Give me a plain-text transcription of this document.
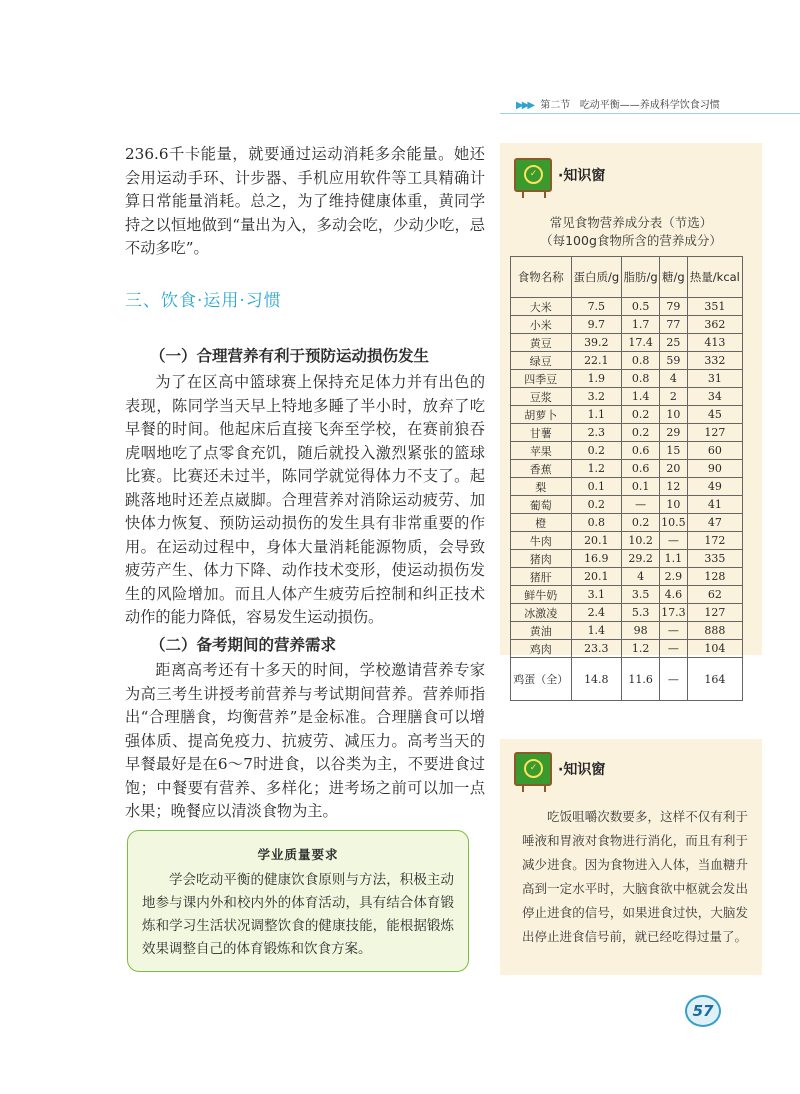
▶▶▶ 第二节 吃动平衡——养成科学饮食习惯

236.6千卡能量，就要通过运动消耗多余能量。她还会用运动手环、计步器、手机应用软件等工具精确计算日常能量消耗。总之，为了维持健康体重，黄同学持之以恒地做到“量出为入，多动会吃，少动少吃，忌不动多吃”。

三、饮食·运用·习惯
（一）合理营养有利于预防运动损伤发生

为了在区高中篮球赛上保持充足体力并有出色的表现，陈同学当天早上特地多睡了半小时，放弃了吃早餐的时间。他起床后直接飞奔至学校，在赛前狼吞虎咽地吃了点零食充饥，随后就投入激烈紧张的篮球比赛。比赛还未过半，陈同学就觉得体力不支了。起跳落地时还差点崴脚。合理营养对消除运动疲劳、加快体力恢复、预防运动损伤的发生具有非常重要的作用。在运动过程中，身体大量消耗能源物质，会导致疲劳产生、体力下降、动作技术变形，使运动损伤发生的风险增加。而且人体产生疲劳后控制和纠正技术动作的能力降低，容易发生运动损伤。

（二）备考期间的营养需求

距离高考还有十多天的时间，学校邀请营养专家为高三考生讲授考前营养与考试期间营养。营养师指出“合理膳食，均衡营养”是金标准。合理膳食可以增强体质、提高免疫力、抗疲劳、减压力。高考当天的早餐最好是在6～7时进食，以谷类为主，不要进食过饱；中餐要有营养、多样化；进考场之前可以加一点水果；晚餐应以清淡食物为主。

学业质量要求
学会吃动平衡的健康饮食原则与方法，积极主动地参与课内外和校内外的体育活动，具有结合体育锻炼和学习生活状况调整饮食的健康技能，能根据锻炼效果调整自己的体育锻炼和饮食方案。
✓	·知识窗
常见食物营养成分表（节选）
（每100g食物所含的营养成分）
食物名称	蛋白质/g	脂肪/g	糖/g	热量/kcal
大米	7.5	0.5	79	351
小米	9.7	1.7	77	362
黄豆	39.2	17.4	25	413
绿豆	22.1	0.8	59	332
四季豆	1.9	0.8	4	31
豆浆	3.2	1.4	2	34
胡萝卜	1.1	0.2	10	45
甘薯	2.3	0.2	29	127
苹果	0.2	0.6	15	60
香蕉	1.2	0.6	20	90
梨	0.1	0.1	12	49
葡萄	0.2	—	10	41
橙	0.8	0.2	10.5	47
牛肉	20.1	10.2	—	172
猪肉	16.9	29.2	1.1	335
猪肝	20.1	4	2.9	128
鲜牛奶	3.1	3.5	4.6	62
冰激凌	2.4	5.3	17.3	127
黄油	1.4	98	—	888
鸡肉	23.3	1.2	—	104
鸡蛋（全）	14.8	11.6	—	164
✓	·知识窗
吃饭咀嚼次数要多，这样不仅有利于唾液和胃液对食物进行消化，而且有利于减少进食。因为食物进入人体，当血糖升高到一定水平时，大脑食欲中枢就会发出停止进食的信号，如果进食过快，大脑发出停止进食信号前，就已经吃得过量了。
57
